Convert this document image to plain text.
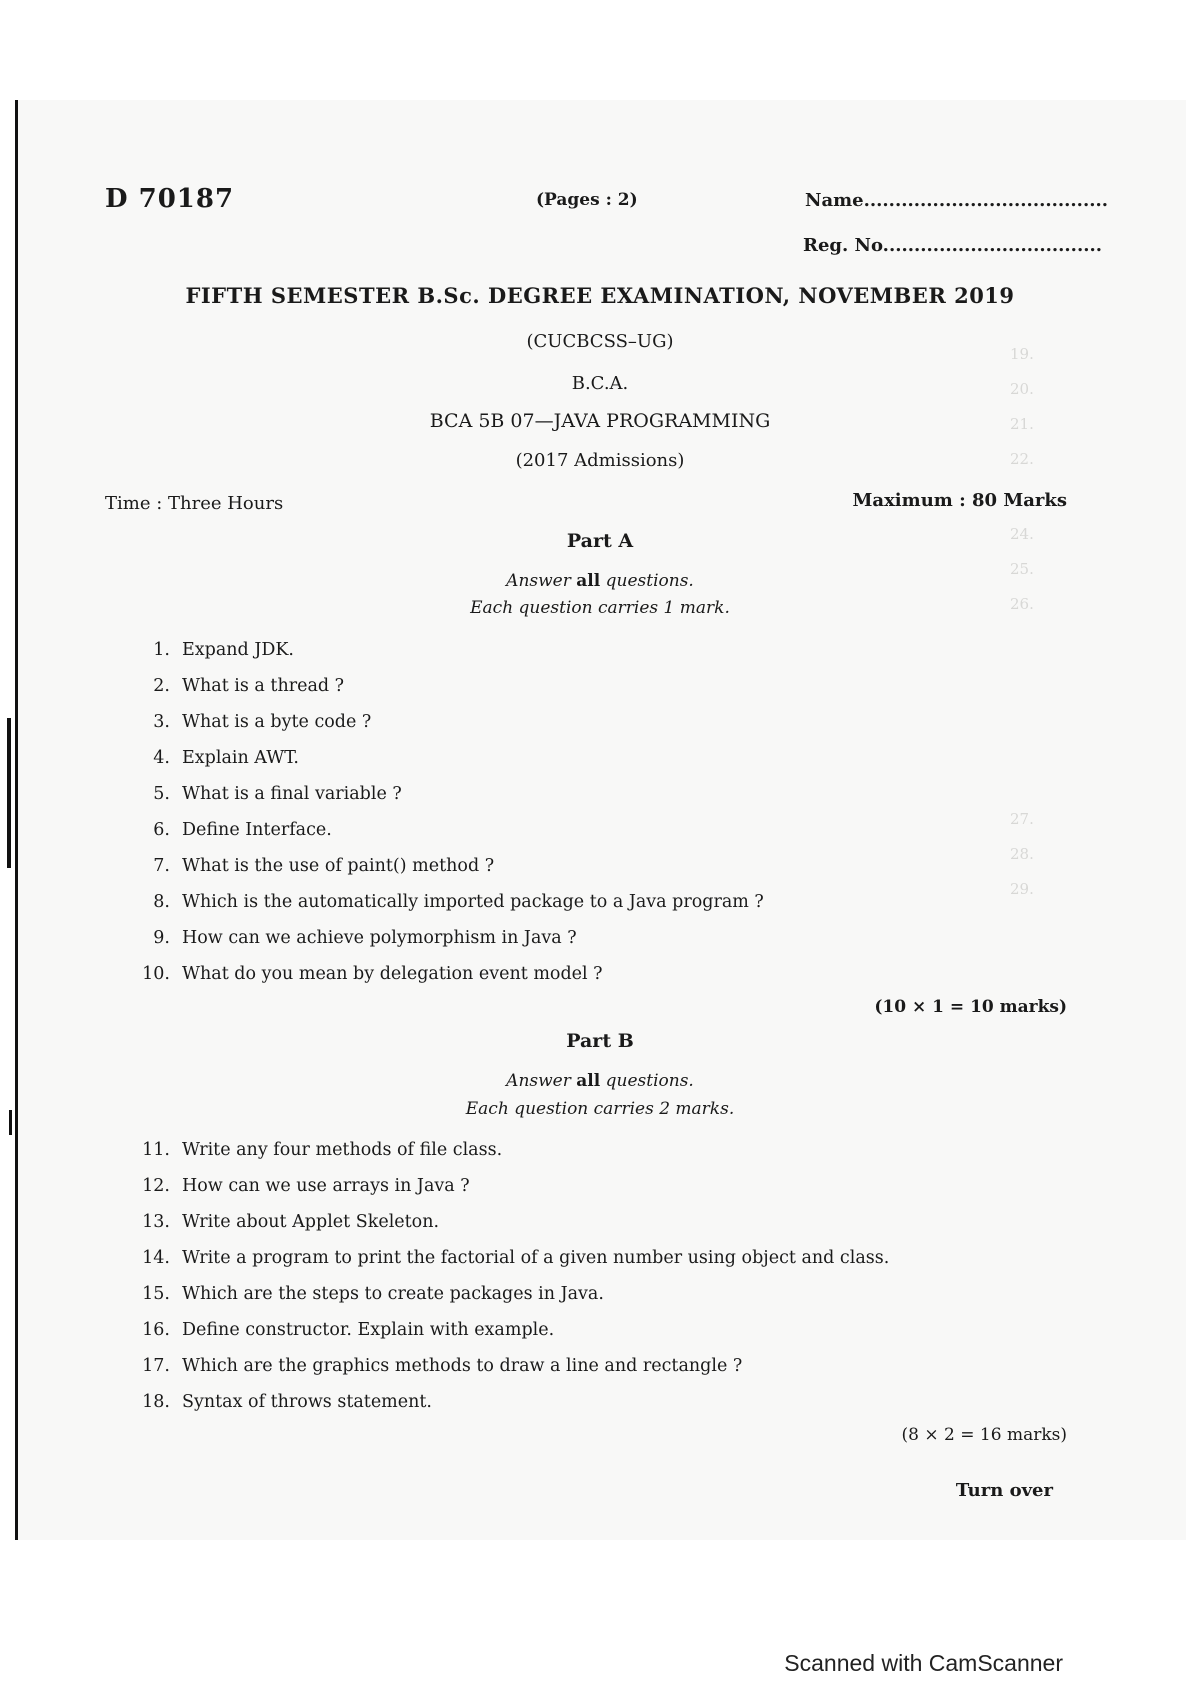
19.
20.
21.
22.
24.
25.
26.
27.
28.
29.
D 70187	(Pages : 2)	Name.......................................
Reg. No...................................
FIFTH SEMESTER B.Sc. DEGREE EXAMINATION, NOVEMBER 2019
(CUCBCSS–UG)
B.C.A.
BCA 5B 07—JAVA PROGRAMMING
(2017 Admissions)
Time : Three Hours	Maximum : 80 Marks
Part A
Answer all questions.
Each question carries 1 mark.
1. Expand JDK.
2. What is a thread ?
3. What is a byte code ?
4. Explain AWT.
5. What is a final variable ?
6. Define Interface.
7. What is the use of paint() method ?
8. Which is the automatically imported package to a Java program ?
9. How can we achieve polymorphism in Java ?
10. What do you mean by delegation event model ?
(10 × 1 = 10 marks)
Part B
Answer all questions.
Each question carries 2 marks.
11. Write any four methods of file class.
12. How can we use arrays in Java ?
13. Write about Applet Skeleton.
14. Write a program to print the factorial of a given number using object and class.
15. Which are the steps to create packages in Java.
16. Define constructor. Explain with example.
17. Which are the graphics methods to draw a line and rectangle ?
18. Syntax of throws statement.
(8 × 2 = 16 marks)
Turn over
Scanned with CamScanner
